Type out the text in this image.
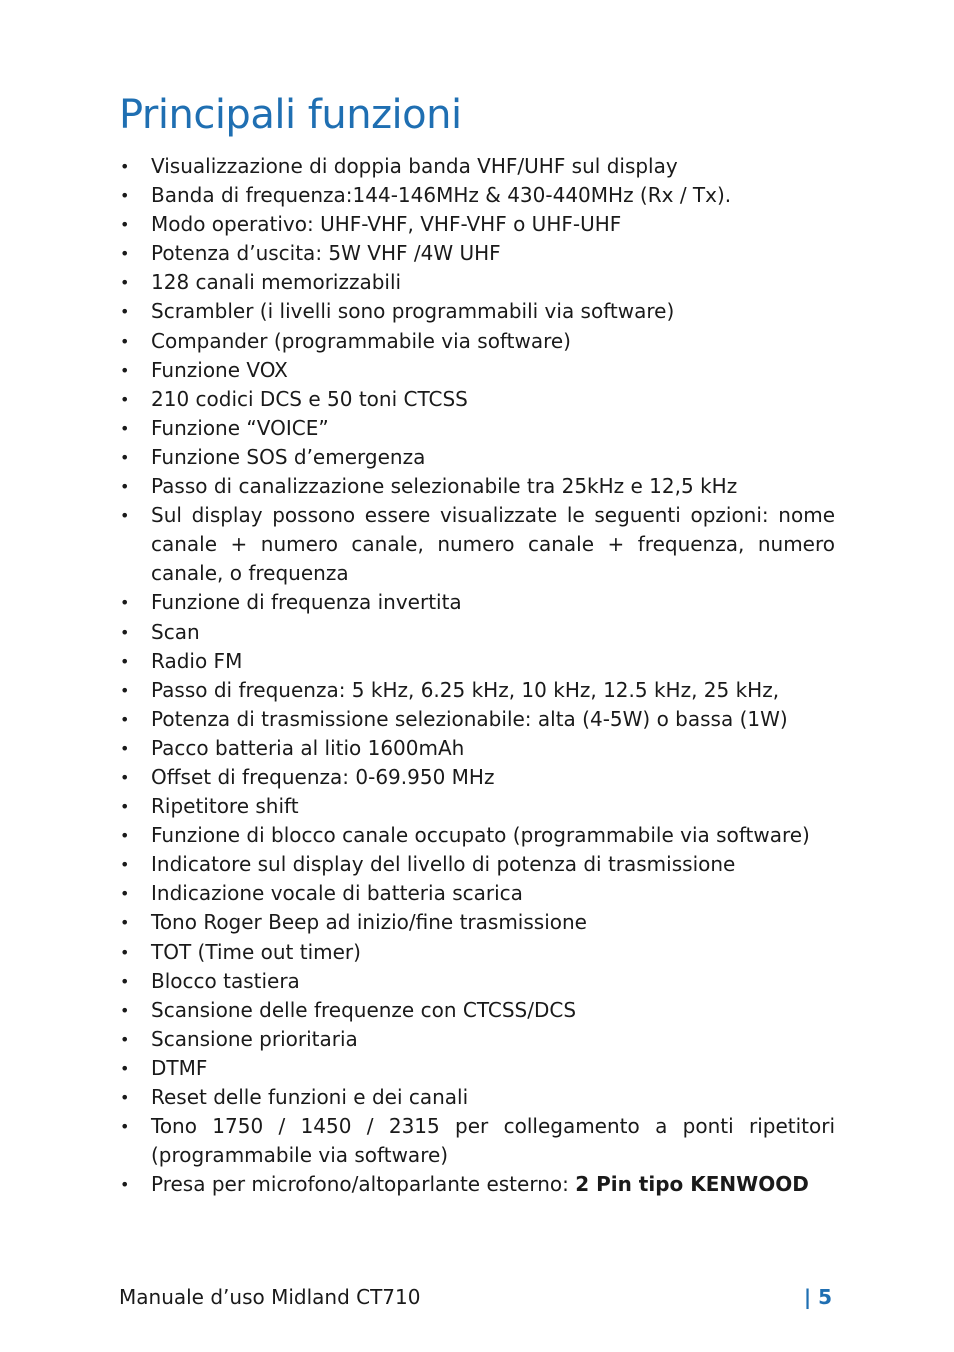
Principali funzioni
• Visualizzazione di doppia banda VHF/UHF sul display
• Banda di frequenza:144-146MHz & 430-440MHz (Rx / Tx).
• Modo operativo: UHF-VHF, VHF-VHF o UHF-UHF
• Potenza d’uscita: 5W VHF /4W UHF
• 128 canali memorizzabili
• Scrambler (i livelli sono programmabili via software)
• Compander (programmabile via software)
• Funzione VOX
• 210 codici DCS e 50 toni CTCSS
• Funzione “VOICE”
• Funzione SOS d’emergenza
• Passo di canalizzazione selezionabile tra 25kHz e 12,5 kHz
• Sul display possono essere visualizzate le seguenti opzioni: nome canale + numero canale, numero canale + frequenza, numero canale, o frequenza
• Funzione di frequenza invertita
• Scan
• Radio FM
• Passo di frequenza: 5 kHz, 6.25 kHz, 10 kHz, 12.5 kHz, 25 kHz,
• Potenza di trasmissione selezionabile: alta (4-5W) o bassa (1W)
• Pacco batteria al litio 1600mAh
• Offset di frequenza: 0-69.950 MHz
• Ripetitore shift
• Funzione di blocco canale occupato (programmabile via software)
• Indicatore sul display del livello di potenza di trasmissione
• Indicazione vocale di batteria scarica
• Tono Roger Beep ad inizio/fine trasmissione
• TOT (Time out timer)
• Blocco tastiera
• Scansione delle frequenze con CTCSS/DCS
• Scansione prioritaria
• DTMF
• Reset delle funzioni e dei canali
• Tono 1750 / 1450 / 2315 per collegamento a ponti ripetitori (programmabile via software)
• Presa per microfono/altoparlante esterno: 2 Pin tipo KENWOOD
Manuale d’uso Midland CT710	| 5
